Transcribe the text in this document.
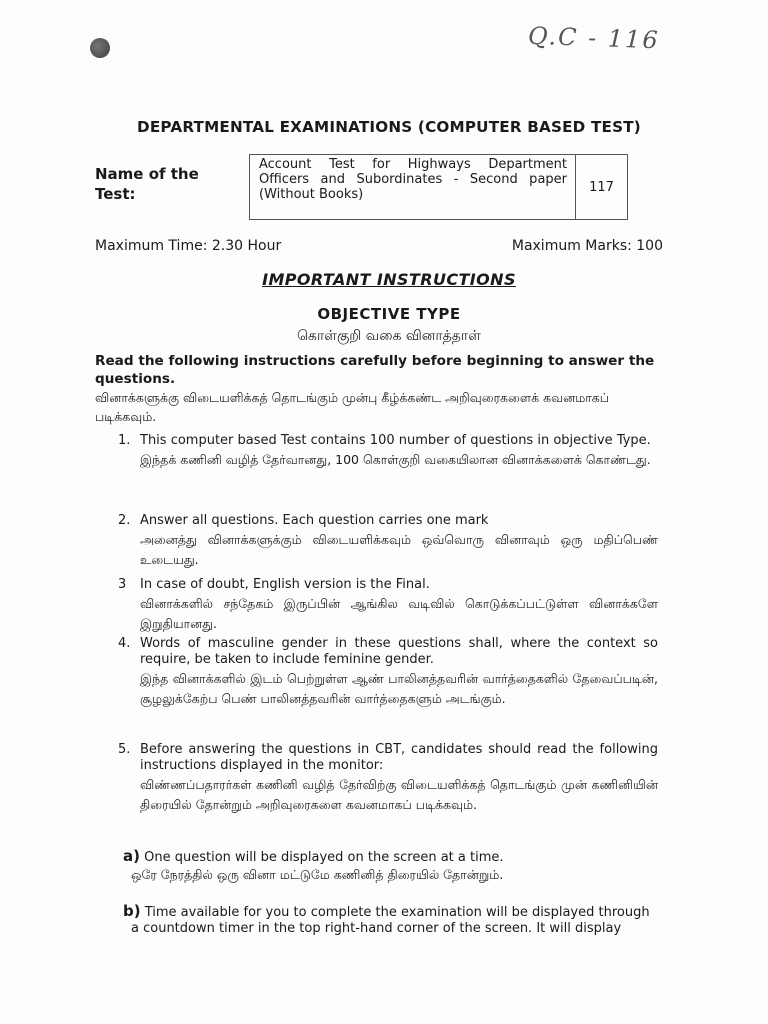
Q.C - 116
DEPARTMENTAL EXAMINATIONS (COMPUTER BASED TEST)
Name of the Test:
Account Test for Highways Department Officers and Subordinates - Second paper (Without Books)	117
Maximum Time: 2.30 Hour	Maximum Marks: 100
IMPORTANT INSTRUCTIONS
OBJECTIVE TYPE
கொள்குறி வகை வினாத்தாள்
Read the following instructions carefully before beginning to answer the questions.
வினாக்களுக்கு விடையளிக்கத் தொடங்கும் முன்பு கீழ்க்கண்ட அறிவுரைகளைக் கவனமாகப் படிக்கவும்.
1. This computer based Test contains 100 number of questions in objective Type.
இந்தக் கணினி வழித் தேர்வானது, 100 கொள்குறி வகையிலான வினாக்களைக் கொண்டது.
2. Answer all questions. Each question carries one mark
அனைத்து வினாக்களுக்கும் விடையளிக்கவும் ஒவ்வொரு வினாவும் ஒரு மதிப்பெண் உடையது.
3 In case of doubt, English version is the Final.
வினாக்களில் சந்தேகம் இருப்பின் ஆங்கில வடிவில் கொடுக்கப்பட்டுள்ள வினாக்களே இறுதியானது.
4. Words of masculine gender in these questions shall, where the context so require, be taken to include feminine gender.
இந்த வினாக்களில் இடம் பெற்றுள்ள ஆண் பாலினத்தவரின் வார்த்தைகளில் தேவைப்படின், சூழலுக்கேற்ப பெண் பாலினத்தவரின் வார்த்தைகளும் அடங்கும்.
5. Before answering the questions in CBT, candidates should read the following instructions displayed in the monitor:
விண்ணப்பதாரர்கள் கணினி வழித் தேர்விற்கு விடையளிக்கத் தொடங்கும் முன் கணினியின் திரையில் தோன்றும் அறிவுரைகளை கவனமாகப் படிக்கவும்.
a) One question will be displayed on the screen at a time.
ஒரே நேரத்தில் ஒரு வினா மட்டுமே கணினித் திரையில் தோன்றும்.
b) Time available for you to complete the examination will be displayed through
a countdown timer in the top right-hand corner of the screen. It will display
